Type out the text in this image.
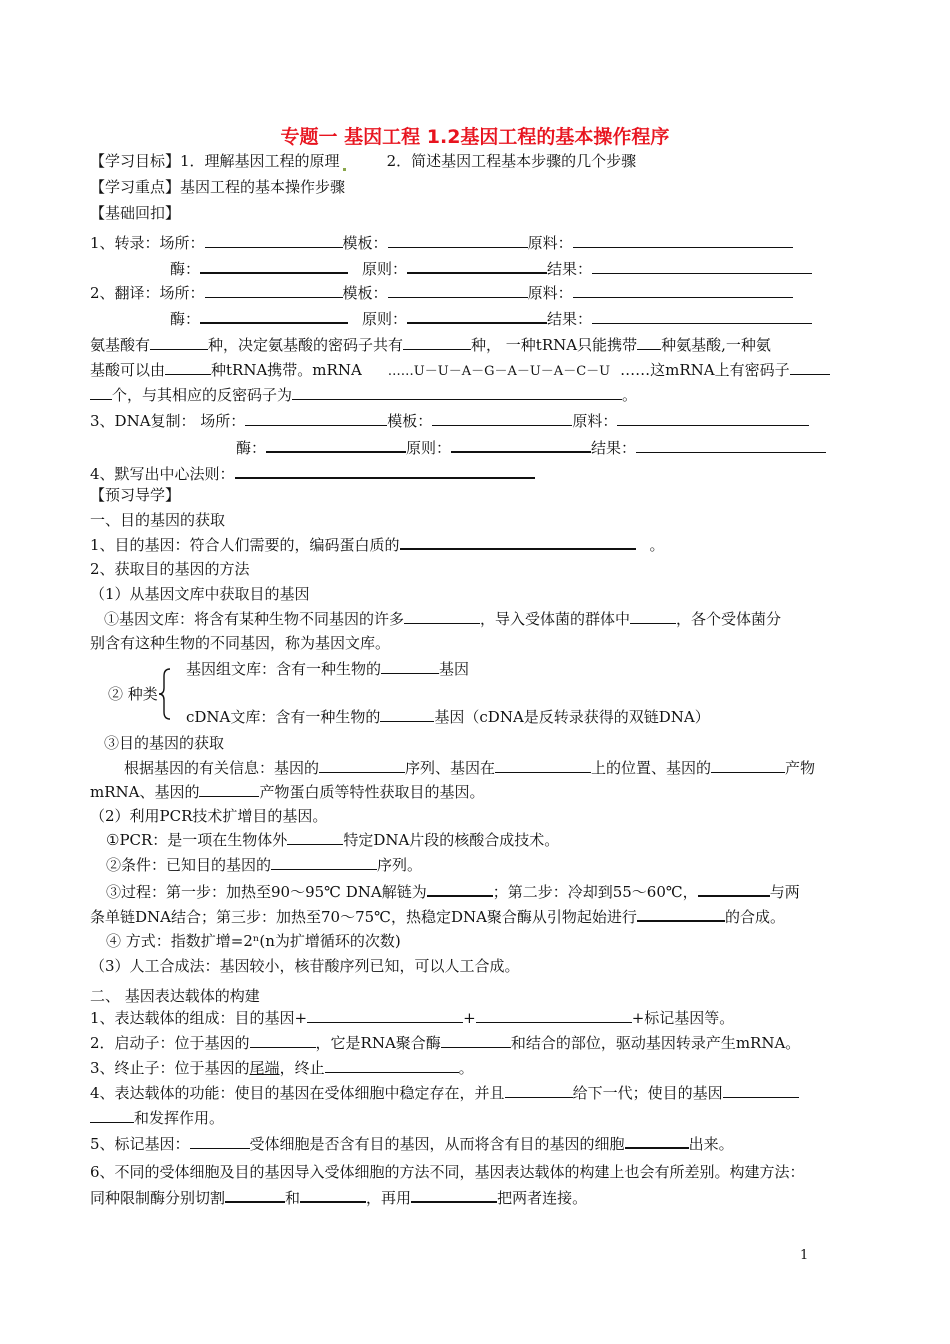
专题一 基因工程 1.2基因工程的基本操作程序
【学习目标】1．理解基因工程的原理	2．简述基因工程基本步骤的几个步骤
【学习重点】基因工程的基本操作步骤
【基础回扣】
1、转录：场所：	模板：	原料：
酶：	原则：	结果：
2、翻译：场所：	模板：	原料：
酶：	原则：	结果：
氨基酸有	种，决定氨基酸的密码子共有	种， 一种tRNA只能携带 种氨基酸,一种氨
基酸可以由	种tRNA携带。mRNA ……U－U－A－G－A－U－A－C－U ……这mRNA上有密码子
个，与其相应的反密码子为	。
3、DNA复制： 场所：	模板：	原料：
酶：	原则：	结果：
4、默写出中心法则：
【预习导学】
一、目的基因的获取
1、目的基因：符合人们需要的，编码蛋白质的	。
2、获取目的基因的方法
（1）从基因文库中获取目的基因
①基因文库：将含有某种生物不同基因的许多	，导入受体菌的群体中	，各个受体菌分
别含有这种生物的不同基因，称为基因文库。
基因组文库：含有一种生物的	基因
② 种类
cDNA文库：含有一种生物的	基因（cDNA是反转录获得的双链DNA）
③目的基因的获取
根据基因的有关信息：基因的	序列、基因在	上的位置、基因的	产物
mRNA、基因的	产物蛋白质等特性获取目的基因。
（2）利用PCR技术扩增目的基因。
①PCR：是一项在生物体外	特定DNA片段的核酸合成技术。
②条件：已知目的基因的	序列。
③过程：第一步：加热至90～95℃ DNA解链为	；第二步：冷却到55～60℃，	与两
条单链DNA结合；第三步：加热至70～75℃，热稳定DNA聚合酶从引物起始进行	的合成。
④ 方式：指数扩增=2ⁿ(n为扩增循环的次数)
（3）人工合成法：基因较小，核苷酸序列已知，可以人工合成。
二、 基因表达载体的构建
1、表达载体的组成：目的基因+	+	+标记基因等。
2．启动子：位于基因的	，它是RNA聚合酶	和结合的部位，驱动基因转录产生mRNA。
3、终止子：位于基因的尾端，终止	。
4、表达载体的功能：使目的基因在受体细胞中稳定存在，并且	给下一代；使目的基因
和发挥作用。
5、标记基因：	受体细胞是否含有目的基因，从而将含有目的基因的细胞	出来。
6、不同的受体细胞及目的基因导入受体细胞的方法不同，基因表达载体的构建上也会有所差别。构建方法：
同种限制酶分别切割	和	，再用	把两者连接。
1
